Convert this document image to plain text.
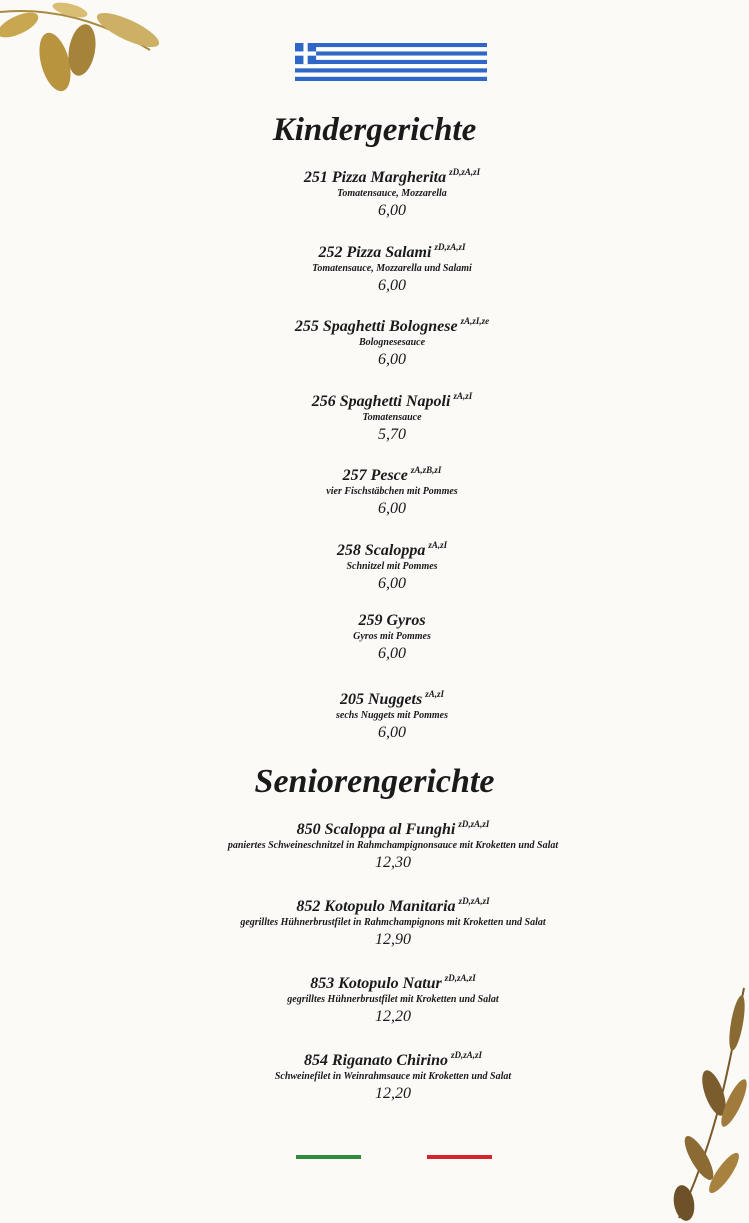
Kindergerichte
251 Pizza Margherita $^{zD,zA,zI}$
Tomatensauce, Mozzarella
6,00
252 Pizza Salami $^{zD,zA,zI}$
Tomatensauce, Mozzarella und Salami
6,00
255 Spaghetti Bolognese $^{zA,zI,ze}$
Bolognesesauce
6,00
256 Spaghetti Napoli $^{zA,zI}$
Tomatensauce
5,70
257 Pesce $^{zA,zB,zI}$
vier Fischstäbchen mit Pommes
6,00
258 Scaloppa $^{zA,zI}$
Schnitzel mit Pommes
6,00
259 Gyros
Gyros mit Pommes
6,00
205 Nuggets $^{zA,zI}$
sechs Nuggets mit Pommes
6,00
Seniorengerichte
850 Scaloppa al Funghi $^{zD,zA,zI}$
paniertes Schweineschnitzel in Rahmchampignonsauce mit Kroketten und Salat
12,30
852 Kotopulo Manitaria $^{zD,zA,zI}$
gegrilltes Hühnerbrustfilet in Rahmchampignons mit Kroketten und Salat
12,90
853 Kotopulo Natur $^{zD,zA,zI}$
gegrilltes Hühnerbrustfilet mit Kroketten und Salat
12,20
854 Riganato Chirino $^{zD,zA,zI}$
Schweinefilet in Weinrahmsauce mit Kroketten und Salat
12,20
